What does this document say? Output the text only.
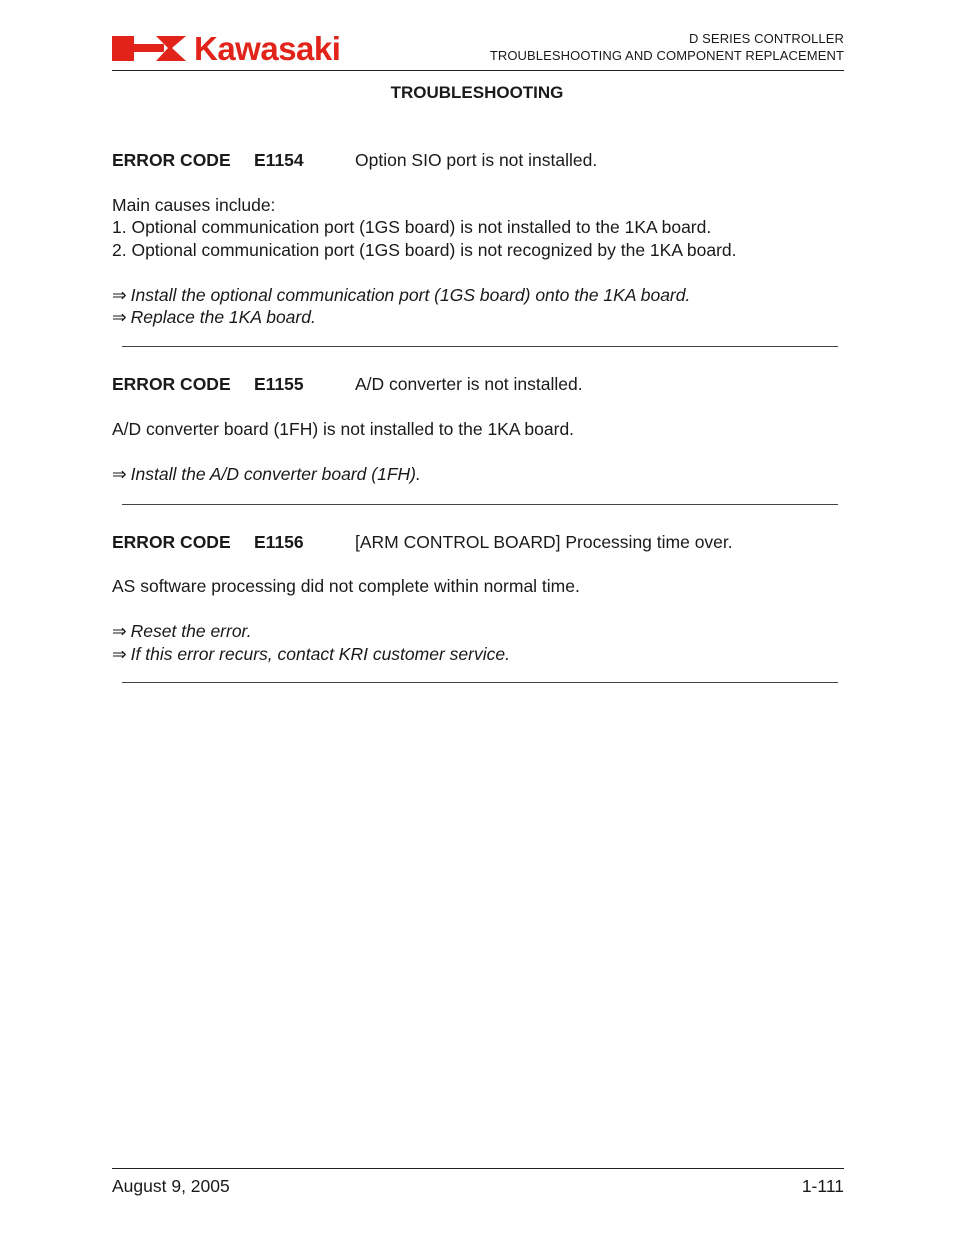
Kawasaki	D SERIES CONTROLLER
TROUBLESHOOTING AND COMPONENT REPLACEMENT
TROUBLESHOOTING
ERROR CODE E1154	Option SIO port is not installed.
Main causes include:
1. Optional communication port (1GS board) is not installed to the 1KA board.
2. Optional communication port (1GS board) is not recognized by the 1KA board.
⇒ Install the optional communication port (1GS board) onto the 1KA board.
⇒ Replace the 1KA board.
ERROR CODE E1155	A/D converter is not installed.
A/D converter board (1FH) is not installed to the 1KA board.
⇒ Install the A/D converter board (1FH).
ERROR CODE E1156	[ARM CONTROL BOARD] Processing time over.
AS software processing did not complete within normal time.
⇒ Reset the error.
⇒ If this error recurs, contact KRI customer service.
August 9, 2005	1-111
